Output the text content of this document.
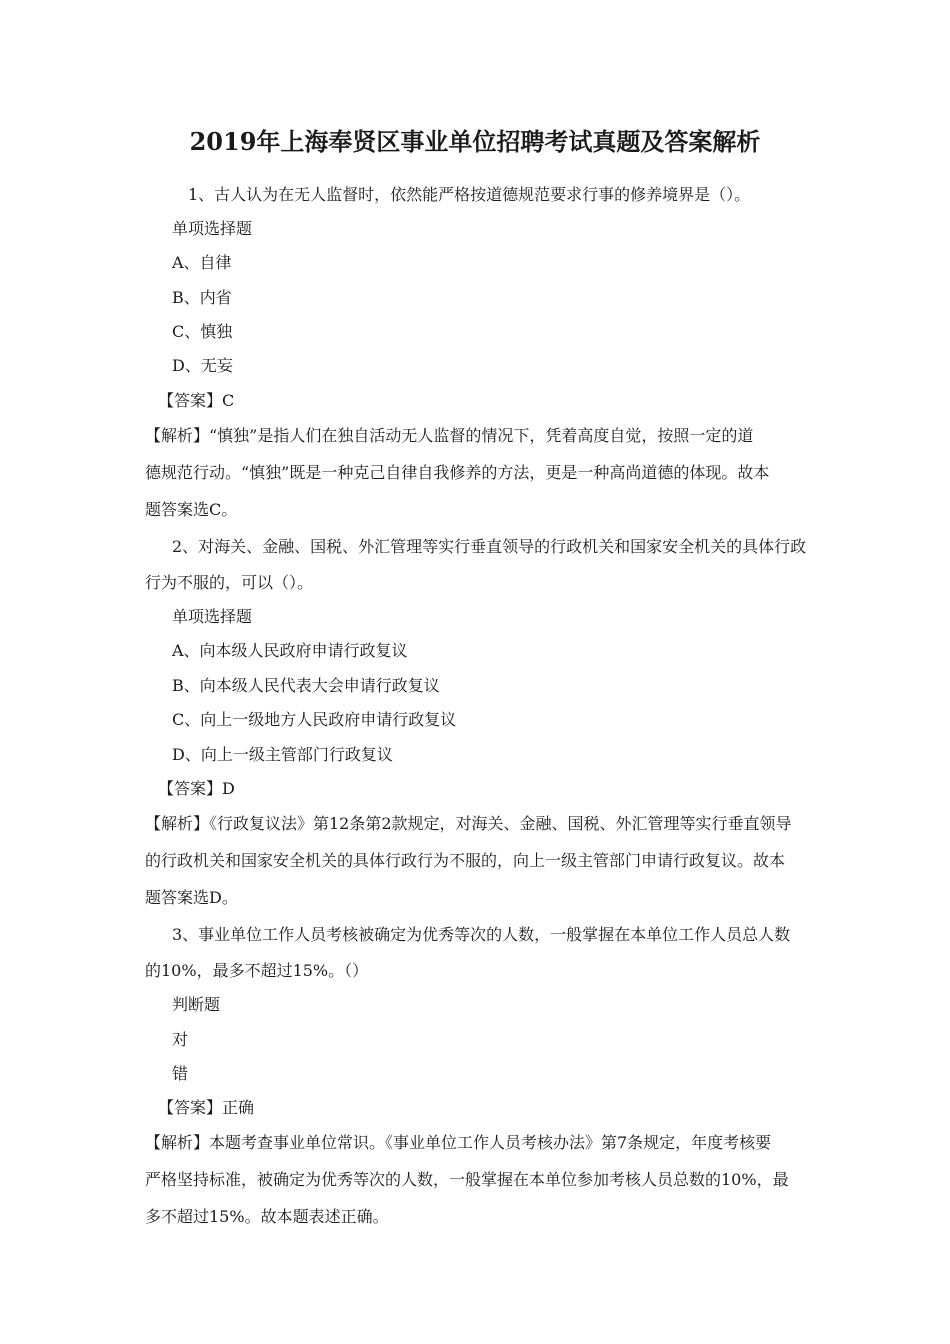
2019年上海奉贤区事业单位招聘考试真题及答案解析
1、古人认为在无人监督时，依然能严格按道德规范要求行事的修养境界是（）。
单项选择题
A、自律
B、内省
C、慎独
D、无妄
【答案】C
【解析】“慎独”是指人们在独自活动无人监督的情况下，凭着高度自觉，按照一定的道
德规范行动。“慎独”既是一种克己自律自我修养的方法，更是一种高尚道德的体现。故本
题答案选C。
2、对海关、金融、国税、外汇管理等实行垂直领导的行政机关和国家安全机关的具体行政
行为不服的，可以（）。
单项选择题
A、向本级人民政府申请行政复议
B、向本级人民代表大会申请行政复议
C、向上一级地方人民政府申请行政复议
D、向上一级主管部门行政复议
【答案】D
【解析】《行政复议法》第12条第2款规定，对海关、金融、国税、外汇管理等实行垂直领导
的行政机关和国家安全机关的具体行政行为不服的，向上一级主管部门申请行政复议。故本
题答案选D。
3、事业单位工作人员考核被确定为优秀等次的人数，一般掌握在本单位工作人员总人数
的10%，最多不超过15%。（）
判断题
对
错
【答案】正确
【解析】本题考查事业单位常识。《事业单位工作人员考核办法》第7条规定，年度考核要
严格坚持标准，被确定为优秀等次的人数，一般掌握在本单位参加考核人员总数的10%，最
多不超过15%。故本题表述正确。
